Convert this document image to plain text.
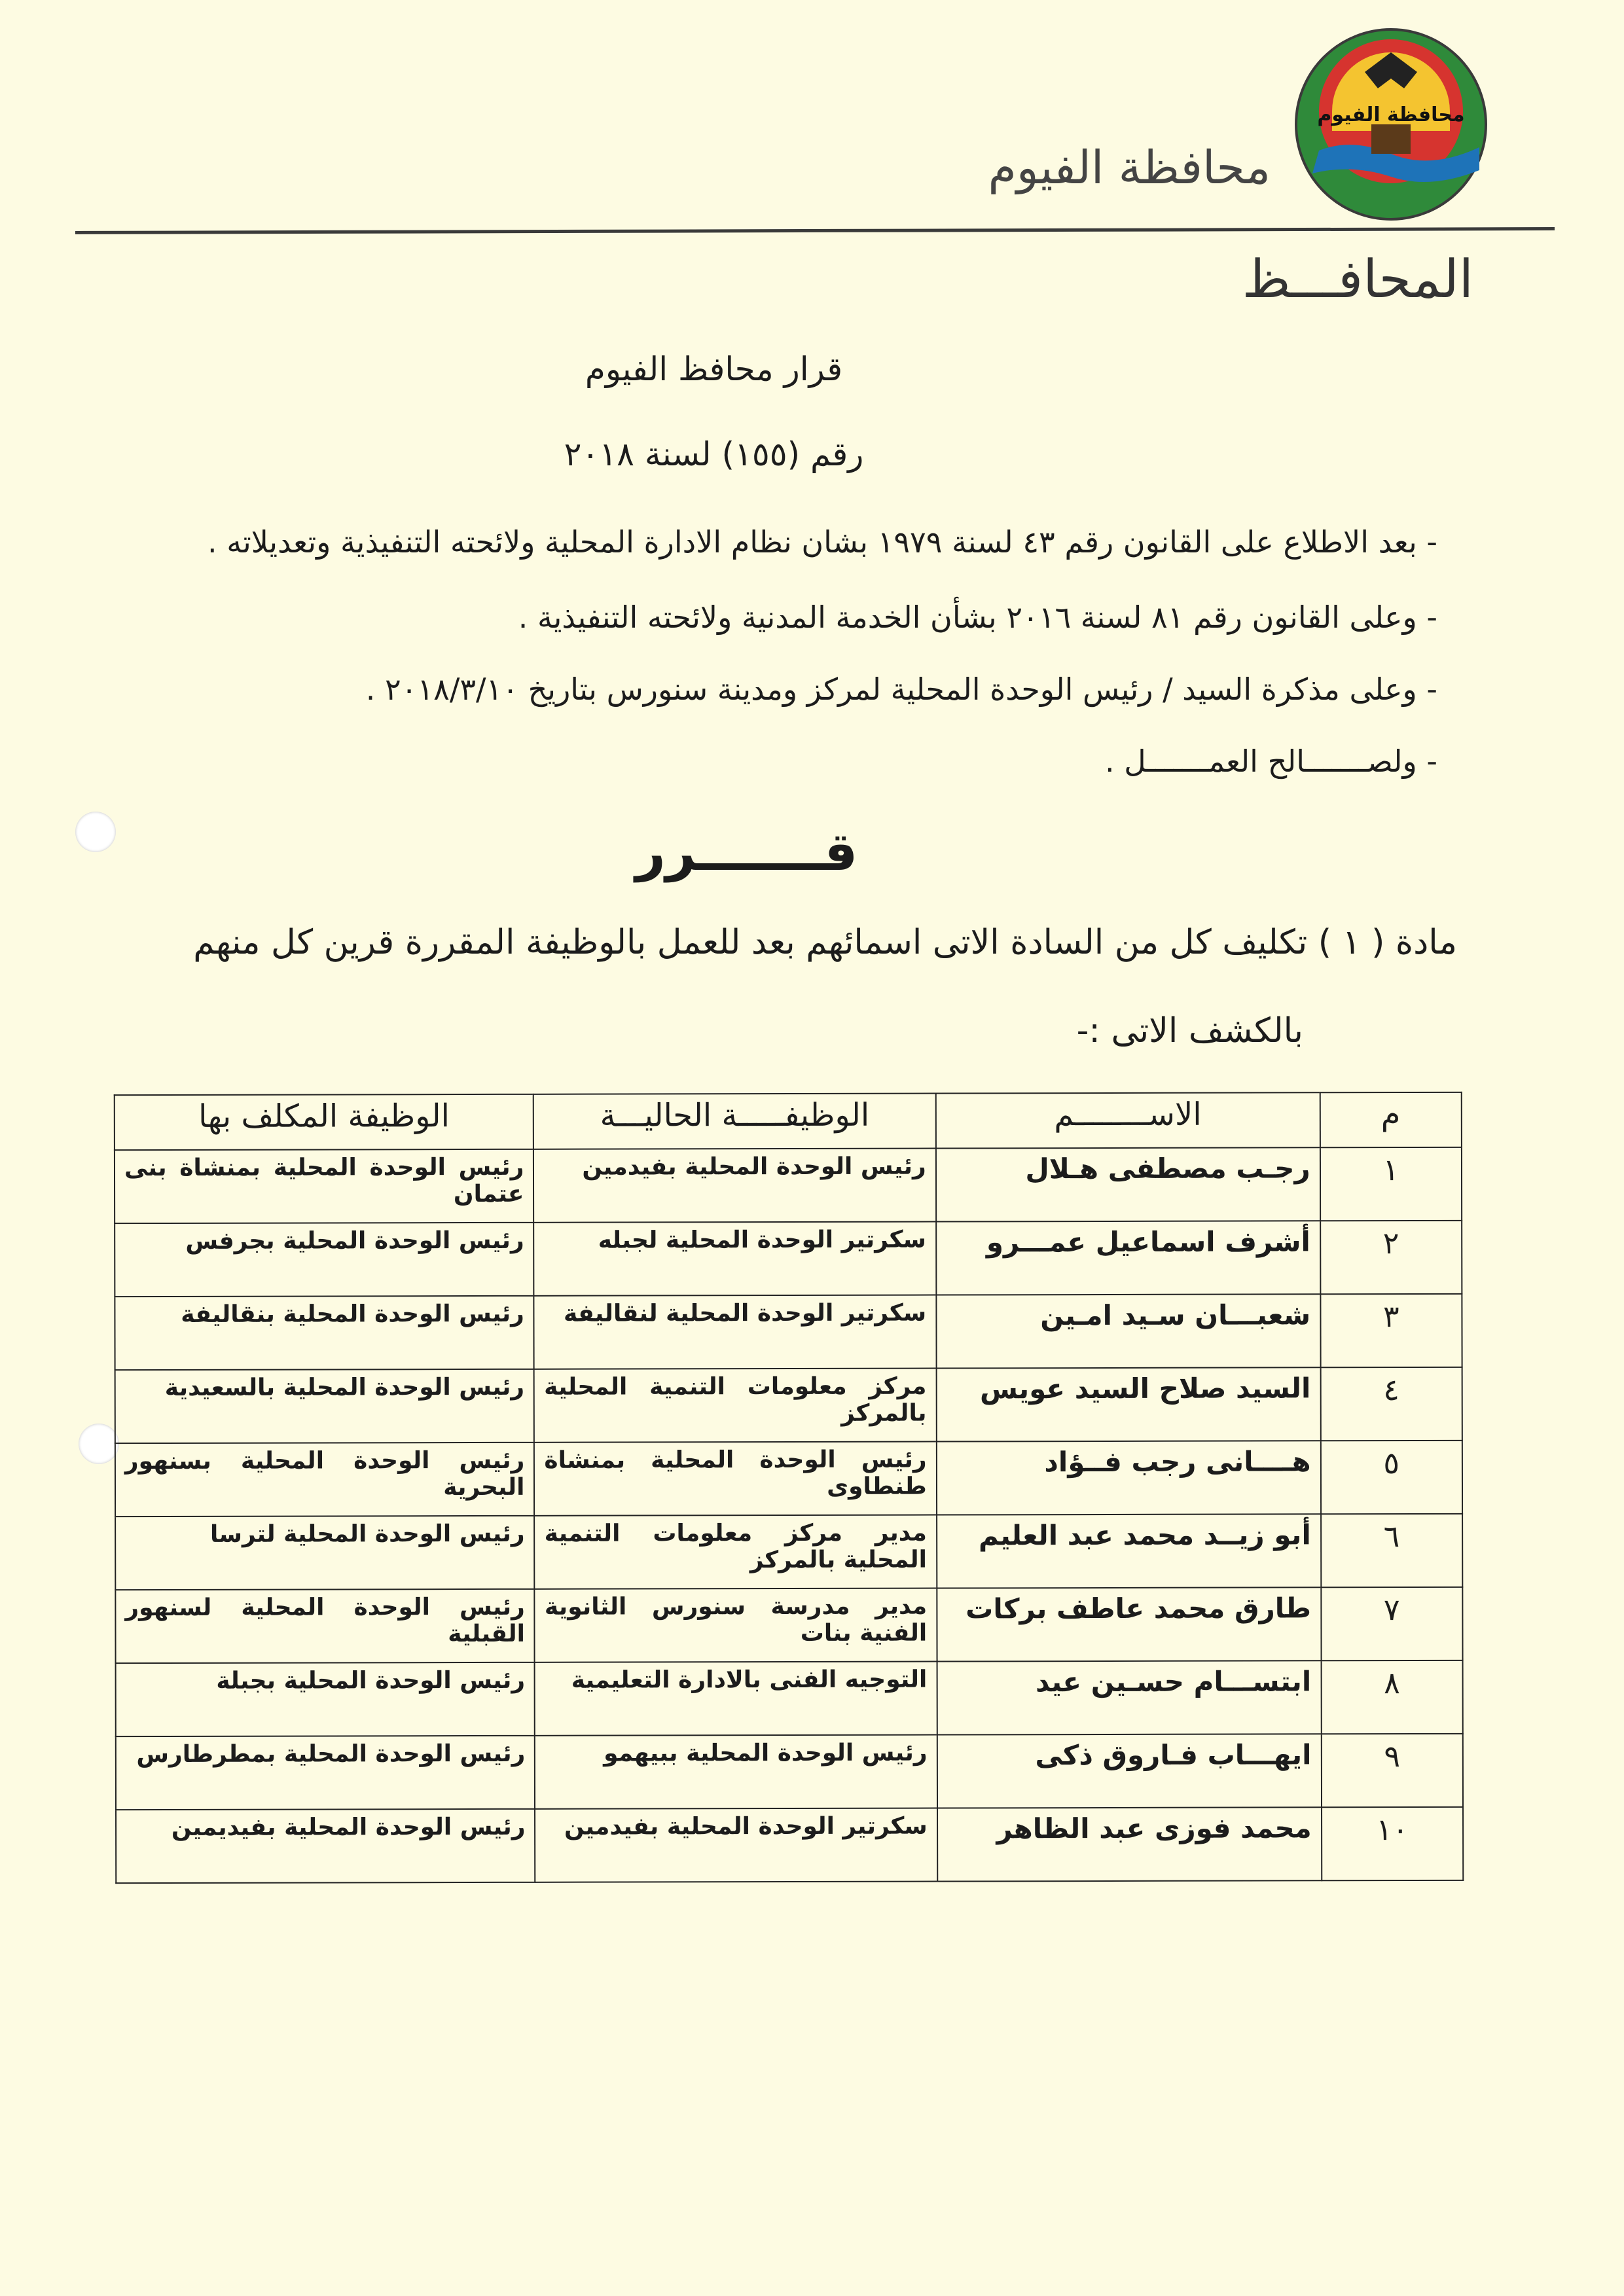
محافظة الفيوم
محافظة الفيوم
المحافـــظ
قرار محافظ الفيوم
رقم (١٥٥) لسنة ٢٠١٨
- بعد الاطلاع على القانون رقم ٤٣ لسنة ١٩٧٩ بشان نظام الادارة المحلية ولائحته التنفيذية وتعديلاته .
- وعلى القانون رقم ٨١ لسنة ٢٠١٦ بشأن الخدمة المدنية ولائحته التنفيذية .
- وعلى مذكرة السيد / رئيس الوحدة المحلية لمركز ومدينة سنورس بتاريخ ٢٠١٨/٣/١٠ .
- ولصـــــــالح العمـــــــل .
قـــــــرر
مادة ( ١ ) تكليف كل من السادة الاتى اسمائهم بعد للعمل بالوظيفة المقررة قرين كل منهم
بالكشف الاتى :-
م	الاســــــــم	الوظيفـــــة الحاليـــة	الوظيفة المكلف بها
١	رجـب مصطفى هـلال	رئيس الوحدة المحلية بفيدمين	رئيس الوحدة المحلية بمنشاة بنى عتمان
٢	أشرف اسماعيل عمـــرو	سكرتير الوحدة المحلية لجبله	رئيس الوحدة المحلية بجرفس
٣	شعبـــان سـيد امـين	سكرتير الوحدة المحلية لنقاليفة	رئيس الوحدة المحلية بنقاليفة
٤	السيد صلاح السيد عويس	مركز معلومات التنمية المحلية بالمركز	رئيس الوحدة المحلية بالسعيدية
٥	هــــانى رجب فــؤاد	رئيس الوحدة المحلية بمنشاة طنطاوى	رئيس الوحدة المحلية بسنهور البحرية
٦	أبو زيــد محمد عبد العليم	مدير مركز معلومات التنمية المحلية بالمركز	رئيس الوحدة المحلية لترسا
٧	طارق محمد عاطف بركات	مدير مدرسة سنورس الثانوية الفنية بنات	رئيس الوحدة المحلية لسنهور القبلية
٨	ابتســـام حسـين عيد	التوجيه الفنى بالادارة التعليمية	رئيس الوحدة المحلية بجبلة
٩	ايهـــاب فـاروق ذكى	رئيس الوحدة المحلية ببيهمو	رئيس الوحدة المحلية بمطرطارس
١٠	محمد فوزى عبد الظاهر	سكرتير الوحدة المحلية بفيدمين	رئيس الوحدة المحلية بفيديمين
